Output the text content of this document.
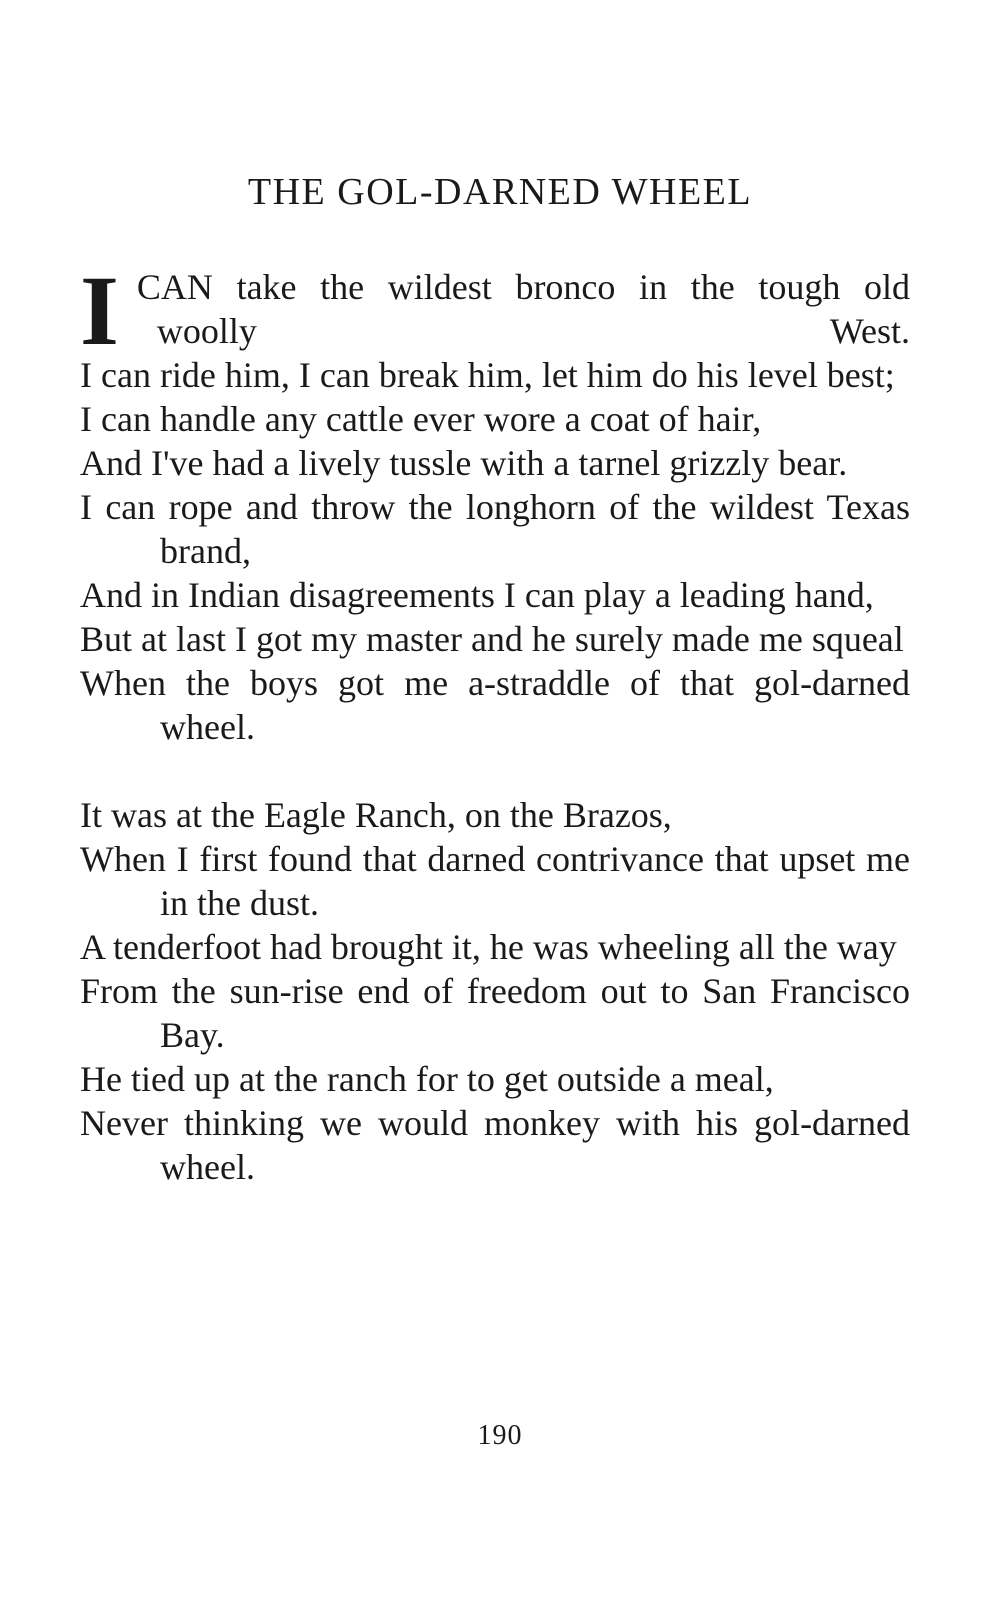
THE GOL-DARNED WHEEL
I CAN take the wildest bronco in the tough old
woolly West.

I can ride him, I can break him, let him do his level best;

I can handle any cattle ever wore a coat of hair,

And I've had a lively tussle with a tarnel grizzly bear.

I can rope and throw the longhorn of the wildest Texas brand,

And in Indian disagreements I can play a leading hand,

But at last I got my master and he surely made me squeal

When the boys got me a-straddle of that gol-darned wheel.

It was at the Eagle Ranch, on the Brazos,

When I first found that darned contrivance that upset me in the dust.

A tenderfoot had brought it, he was wheeling all the way

From the sun-rise end of freedom out to San Francisco Bay.

He tied up at the ranch for to get outside a meal,

Never thinking we would monkey with his gol-darned wheel.

190
